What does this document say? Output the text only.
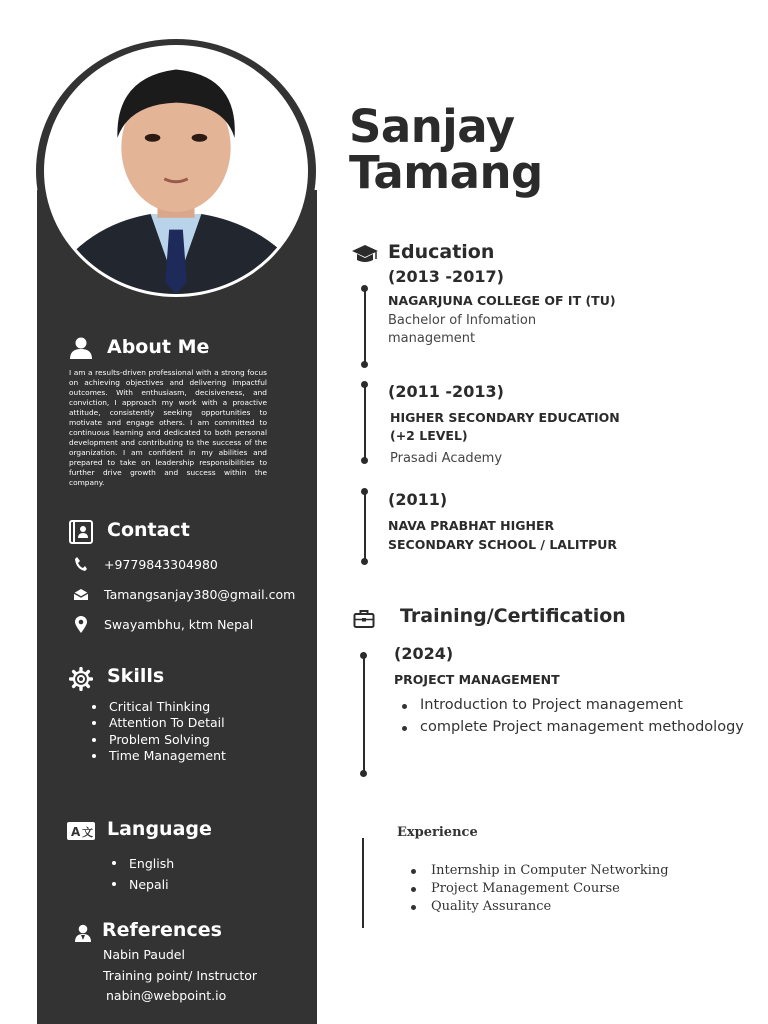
About Me

I am a results-driven professional with a strong focus on achieving objectives and delivering impactful outcomes. With enthusiasm, decisiveness, and conviction, I approach my work with a proactive attitude, consistently seeking opportunities to motivate and engage others. I am committed to continuous learning and dedicated to both personal development and contributing to the success of the organization. I am confident in my abilities and prepared to take on leadership responsibilities to further drive growth and success within the company.

Contact
+9779843304980
Tamangsanjay380@gmail.com
Swayambhu, ktm Nepal
Skills
Critical Thinking
Attention To Detail
Problem Solving
Time Management
A 文 Language
English
Nepali
References
Nabin Paudel
Training point/ Instructor
nabin@webpoint.io
Sanjay
Tamang
Education
(2013 -2017)
NAGARJUNA COLLEGE OF IT (TU)
Bachelor of Infomation
management
(2011 -2013)
HIGHER SECONDARY EDUCATION
(+2 LEVEL)
Prasadi Academy
(2011)
NAVA PRABHAT HIGHER
SECONDARY SCHOOL / LALITPUR
Training/Certification
(2024)
PROJECT MANAGEMENT
Introduction to Project management
complete Project management methodology
Experience
Internship in Computer Networking
Project Management Course
Quality Assurance
